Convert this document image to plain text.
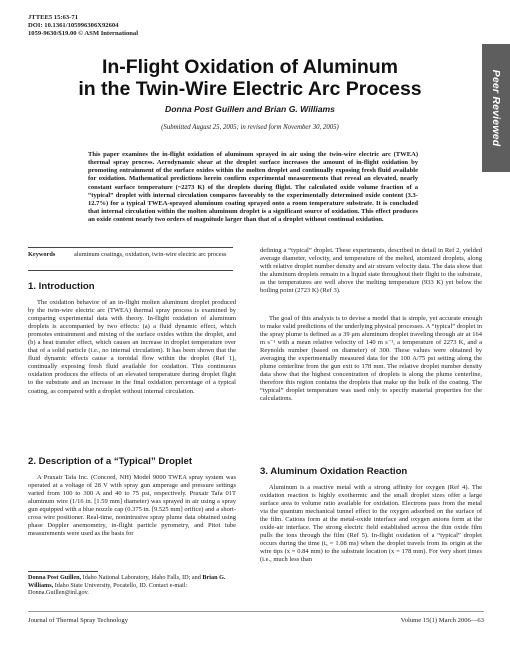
JTTEE5 15:63-71
DOI: 10.1361/105996306X92604
1059-9630/$19.00 © ASM International
Peer Reviewed
In-Flight Oxidation of Aluminum
in the Twin-Wire Electric Arc Process
Donna Post Guillen and Brian G. Williams
(Submitted August 25, 2005; in revised form November 30, 2005)
This paper examines the in-flight oxidation of aluminum sprayed in air using the twin-wire electric arc (TWEA) thermal spray process. Aerodynamic shear at the droplet surface increases the amount of in-flight oxidation by promoting entrainment of the surface oxides within the molten droplet and continually exposing fresh fluid available for oxidation. Mathematical predictions herein confirm experimental measurements that reveal an elevated, nearly constant surface temperature (~2273 K) of the droplets during flight. The calculated oxide volume fraction of a “typical” droplet with internal circulation compares favorably to the experimentally determined oxide content (3.3-12.7%) for a typical TWEA-sprayed aluminum coating sprayed onto a room temperature substrate. It is concluded that internal circulation within the molten aluminum droplet is a significant source of oxidation. This effect produces an oxide content nearly two orders of magnitude larger than that of a droplet without continual oxidation.
Keywords	aluminum coatings, oxidation, twin-wire electric arc process
1. Introduction
The oxidation behavior of an in-flight molten aluminum droplet produced by the twin-wire electric arc (TWEA) thermal spray process is examined by comparing experimental data with theory. In-flight oxidation of aluminum droplets is accompanied by two effects: (a) a fluid dynamic effect, which promotes entrainment and mixing of the surface oxides within the droplet, and (b) a heat transfer effect, which causes an increase in droplet temperature over that of a solid particle (i.e., no internal circulation). It has been shown that the fluid dynamic effects cause a toroidal flow within the droplet (Ref 1), continually exposing fresh fluid available for oxidation. This continuous oxidation produces the effects of an elevated temperature during droplet flight to the substrate and an increase in the final oxidation percentage of a typical coating, as compared with a droplet without internal circulation.
2. Description of a “Typical” Droplet
A Praxair Tafa Inc. (Concord, NH) Model 9000 TWEA spray system was operated at a voltage of 28 V with spray gun amperage and pressure settings varied from 100 to 300 A and 40 to 75 psi, respectively. Praxair Tafa 01T aluminum wire (1/16 in. [1.59 mm] diameter) was sprayed in air using a spray gun equipped with a blue nozzle cap (0.375 in. [9.525 mm] orifice) and a short-cross wire positioner. Real-time, nonintrusive spray plume data obtained using phase Doppler anemometry, in-flight particle pyrometry, and Pitot tube measurements were used as the basis for
Donna Post Guillen, Idaho National Laboratory, Idaho Falls, ID; and Brian G. Williams, Idaho State University, Pocatello, ID. Contact e-mail: Donna.Guillen@inl.gov.
defining a “typical” droplet. These experiments, described in detail in Ref 2, yielded average diameter, velocity, and temperature of the melted, atomized droplets, along with relative droplet number density and air stream velocity data. The data show that the aluminum droplets remain in a liquid state throughout their flight to the substrate, as the temperatures are well above the melting temperature (933 K) yet below the boiling point (2723 K) (Ref 3).
The goal of this analysis is to devise a model that is simple, yet accurate enough to make valid predictions of the underlying physical processes. A “typical” droplet in the spray plume is defined as a 39 μm aluminum droplet traveling through air at 164 m s⁻¹ with a mean relative velocity of 140 m s⁻¹, a temperature of 2273 K, and a Reynolds number (based on diameter) of 300. These values were obtained by averaging the experimentally measured data for the 100 A/75 psi setting along the plume centerline from the gun exit to 178 mm. The relative droplet number density data show that the highest concentration of droplets is along the plume centerline, therefore this region contains the droplets that make up the bulk of the coating. The “typical” droplet temperature was used only to specify material properties for the calculations.
3. Aluminum Oxidation Reaction
Aluminum is a reactive metal with a strong affinity for oxygen (Ref 4). The oxidation reaction is highly exothermic and the small droplet sizes offer a large surface area to volume ratio available for oxidation. Electrons pass from the metal via the quantum mechanical tunnel effect to the oxygen adsorbed on the surface of the film. Cations form at the metal-oxide interface and oxygen anions form at the oxide-air interface. The strong electric field established across the thin oxide film pulls the ions through the film (Ref 5). In-flight oxidation of a “typical” droplet occurs during the time (tₐ = 1.08 ms) when the droplet travels from its origin at the wire tips (x = 0.84 mm) to the substrate location (x = 178 mm). For very short times (i.e., much less than
Journal of Thermal Spray Technology	Volume 15(1) March 2006—63
